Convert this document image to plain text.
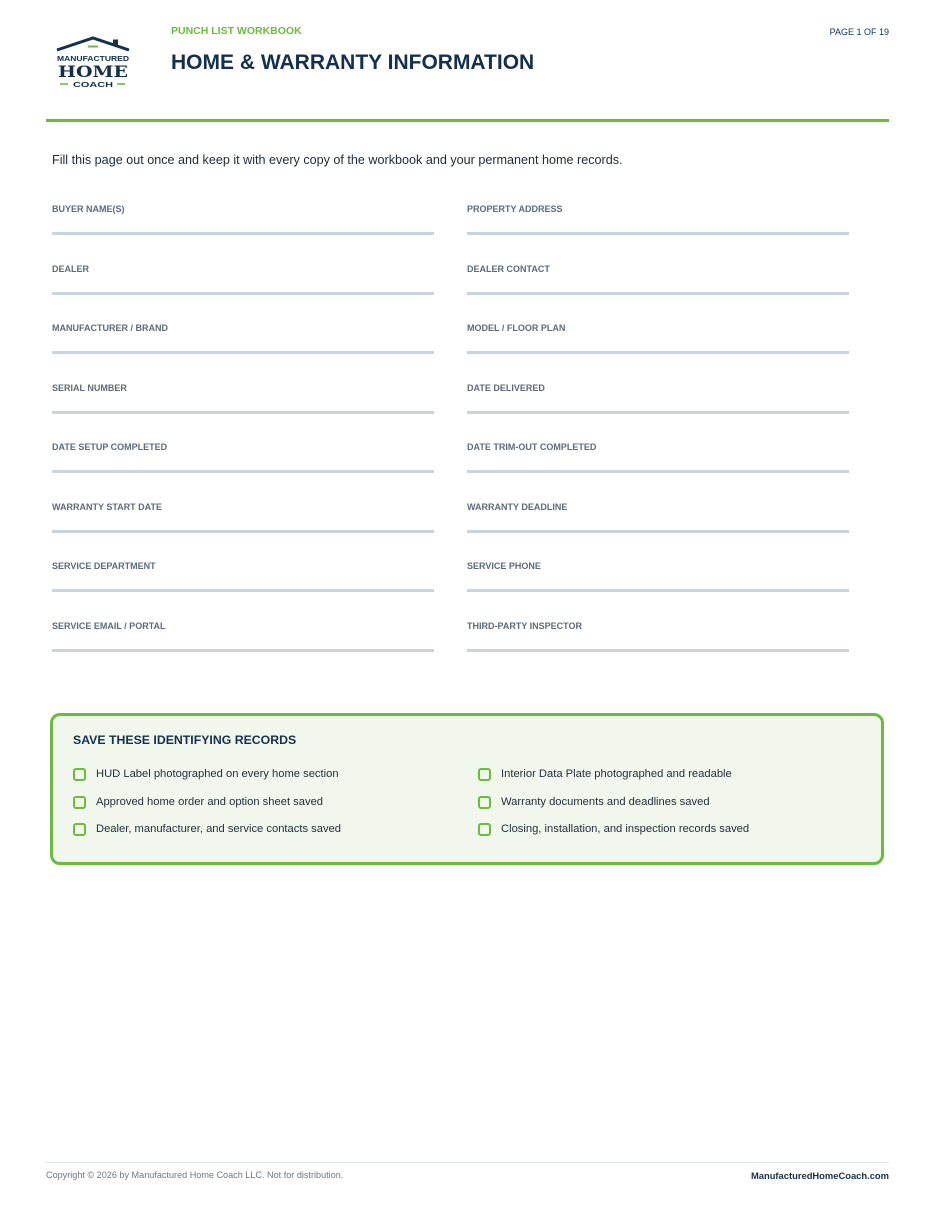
MANUFACTURED
HOME
COACH
PUNCH LIST WORKBOOK
HOME & WARRANTY INFORMATION
PAGE 1 OF 19

Fill this page out once and keep it with every copy of the workbook and your permanent home records.

BUYER NAME(S)	PROPERTY ADDRESS
DEALER	DEALER CONTACT
MANUFACTURER / BRAND	MODEL / FLOOR PLAN
SERIAL NUMBER	DATE DELIVERED
DATE SETUP COMPLETED	DATE TRIM-OUT COMPLETED
WARRANTY START DATE	WARRANTY DEADLINE
SERVICE DEPARTMENT	SERVICE PHONE
SERVICE EMAIL / PORTAL	THIRD-PARTY INSPECTOR
SAVE THESE IDENTIFYING RECORDS
HUD Label photographed on every home section	Interior Data Plate photographed and readable
Approved home order and option sheet saved	Warranty documents and deadlines saved
Dealer, manufacturer, and service contacts saved	Closing, installation, and inspection records saved
Copyright © 2026 by Manufactured Home Coach LLC. Not for distribution.	ManufacturedHomeCoach.com
